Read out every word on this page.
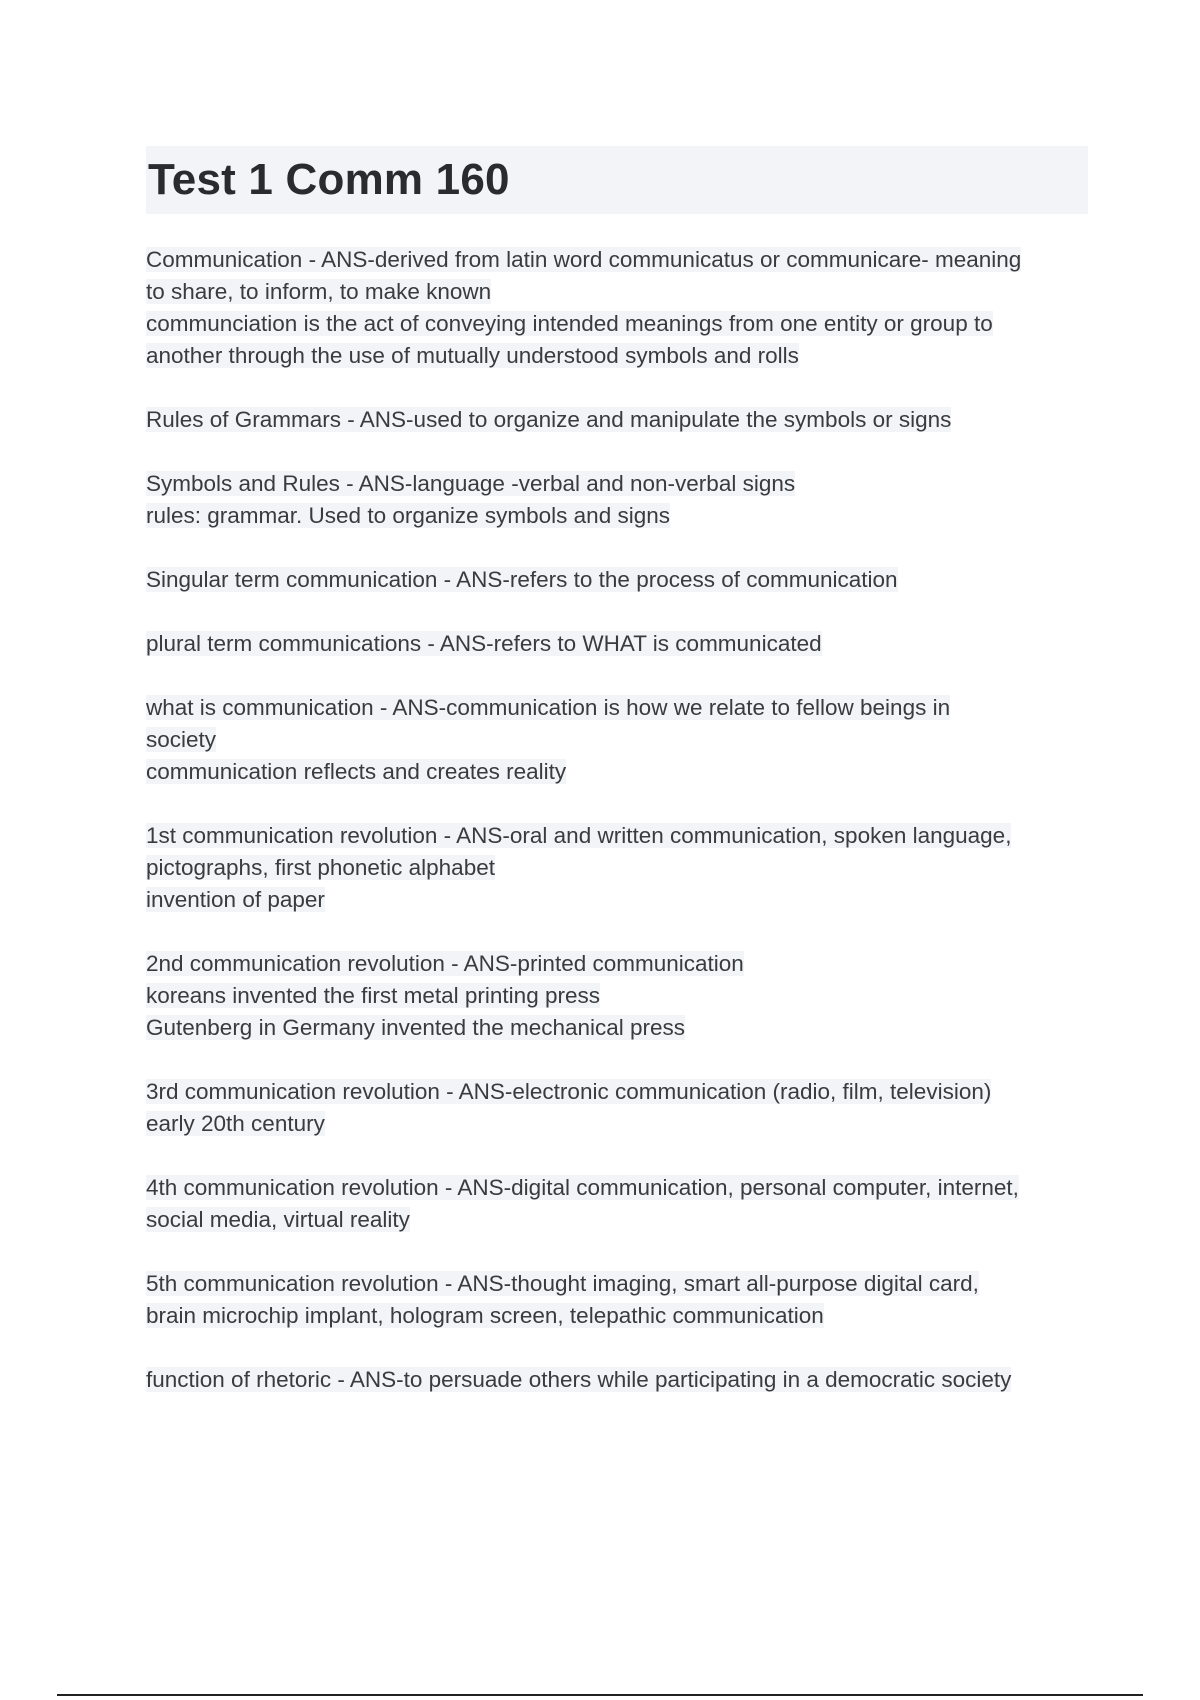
Test 1 Comm 160
Communication - ANS-derived from latin word communicatus or communicare- meaning
to share, to inform, to make known
communciation is the act of conveying intended meanings from one entity or group to
another through the use of mutually understood symbols and rolls
Rules of Grammars - ANS-used to organize and manipulate the symbols or signs
Symbols and Rules - ANS-language -verbal and non-verbal signs
rules: grammar. Used to organize symbols and signs
Singular term communication - ANS-refers to the process of communication
plural term communications - ANS-refers to WHAT is communicated
what is communication - ANS-communication is how we relate to fellow beings in
society
communication reflects and creates reality
1st communication revolution - ANS-oral and written communication, spoken language,
pictographs, first phonetic alphabet
invention of paper
2nd communication revolution - ANS-printed communication
koreans invented the first metal printing press
Gutenberg in Germany invented the mechanical press
3rd communication revolution - ANS-electronic communication (radio, film, television)
early 20th century
4th communication revolution - ANS-digital communication, personal computer, internet,
social media, virtual reality
5th communication revolution - ANS-thought imaging, smart all-purpose digital card,
brain microchip implant, hologram screen, telepathic communication
function of rhetoric - ANS-to persuade others while participating in a democratic society
